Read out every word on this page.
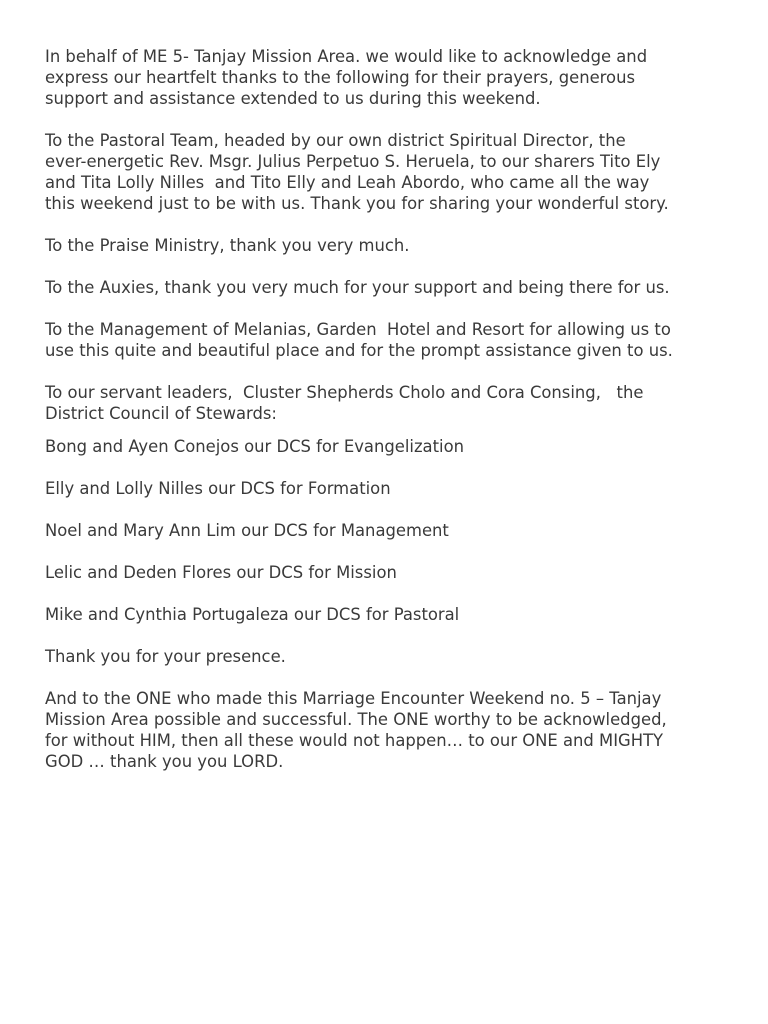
In behalf of ME 5- Tanjay Mission Area. we would like to acknowledge and
express our heartfelt thanks to the following for their prayers, generous
support and assistance extended to us during this weekend.

To the Pastoral Team, headed by our own district Spiritual Director, the
ever-energetic Rev. Msgr. Julius Perpetuo S. Heruela, to our sharers Tito Ely
and Tita Lolly Nilles  and Tito Elly and Leah Abordo, who came all the way
this weekend just to be with us. Thank you for sharing your wonderful story.

To the Praise Ministry, thank you very much.

To the Auxies, thank you very much for your support and being there for us.

To the Management of Melanias, Garden  Hotel and Resort for allowing us to
use this quite and beautiful place and for the prompt assistance given to us.

To our servant leaders,  Cluster Shepherds Cholo and Cora Consing,   the
District Council of Stewards:

Bong and Ayen Conejos our DCS for Evangelization

Elly and Lolly Nilles our DCS for Formation

Noel and Mary Ann Lim our DCS for Management

Lelic and Deden Flores our DCS for Mission

Mike and Cynthia Portugaleza our DCS for Pastoral

Thank you for your presence.

And to the ONE who made this Marriage Encounter Weekend no. 5 – Tanjay
Mission Area possible and successful. The ONE worthy to be acknowledged,
for without HIM, then all these would not happen… to our ONE and MIGHTY
GOD … thank you you LORD.
